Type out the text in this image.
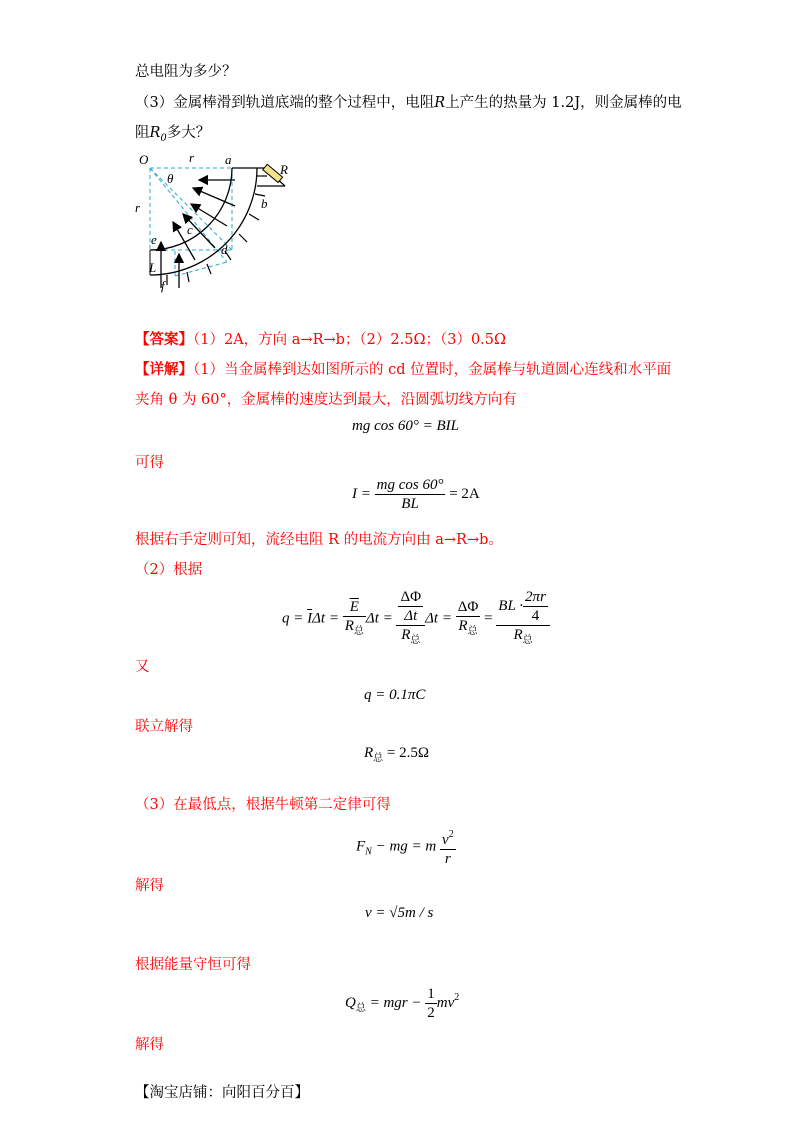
总电阻为多少？
（3）金属棒滑到轨道底端的整个过程中，电阻R上产生的热量为 1.2J，则金属棒的电
阻$R_0$多大？
O	r a
R
θ
b
r
c
e
d
L
f
【答案】（1）2A，方向 a→R→b；（2）2.5Ω；（3）0.5Ω
【详解】（1）当金属棒到达如图所示的 cd 位置时，金属棒与轨道圆心连线和水平面
夹角 θ 为 60°，金属棒的速度达到最大，沿圆弧切线方向有
mg cos 60° = BIL
可得
$I = \frac{\text{mg cos 60°}}{BL} = 2A$
根据右手定则可知，流经电阻 R 的电流方向由 a→R→b。
（2）根据
$q = \overline{I}\Delta t = \frac{\overline{E}}{R_总}$ $\Delta t = \frac{\frac{\Delta\Phi}{\Delta t}}{R_总}$ $\Delta t = \frac{\Delta\Phi}{R_总} = \frac{BL \cdot \frac{2\pi r}{4}}{R_总}$
又
q = 0.1πC
联立解得
$R_总 = 2.5\Omega$
（3）在最低点，根据牛顿第二定律可得
$F_N$ − mg = m $\frac{v^2}{r}$
解得
v = √5m / s
根据能量守恒可得
$Q_总$ = mgr − $\frac{1}{2} mv^2$
解得
【淘宝店铺：向阳百分百】
